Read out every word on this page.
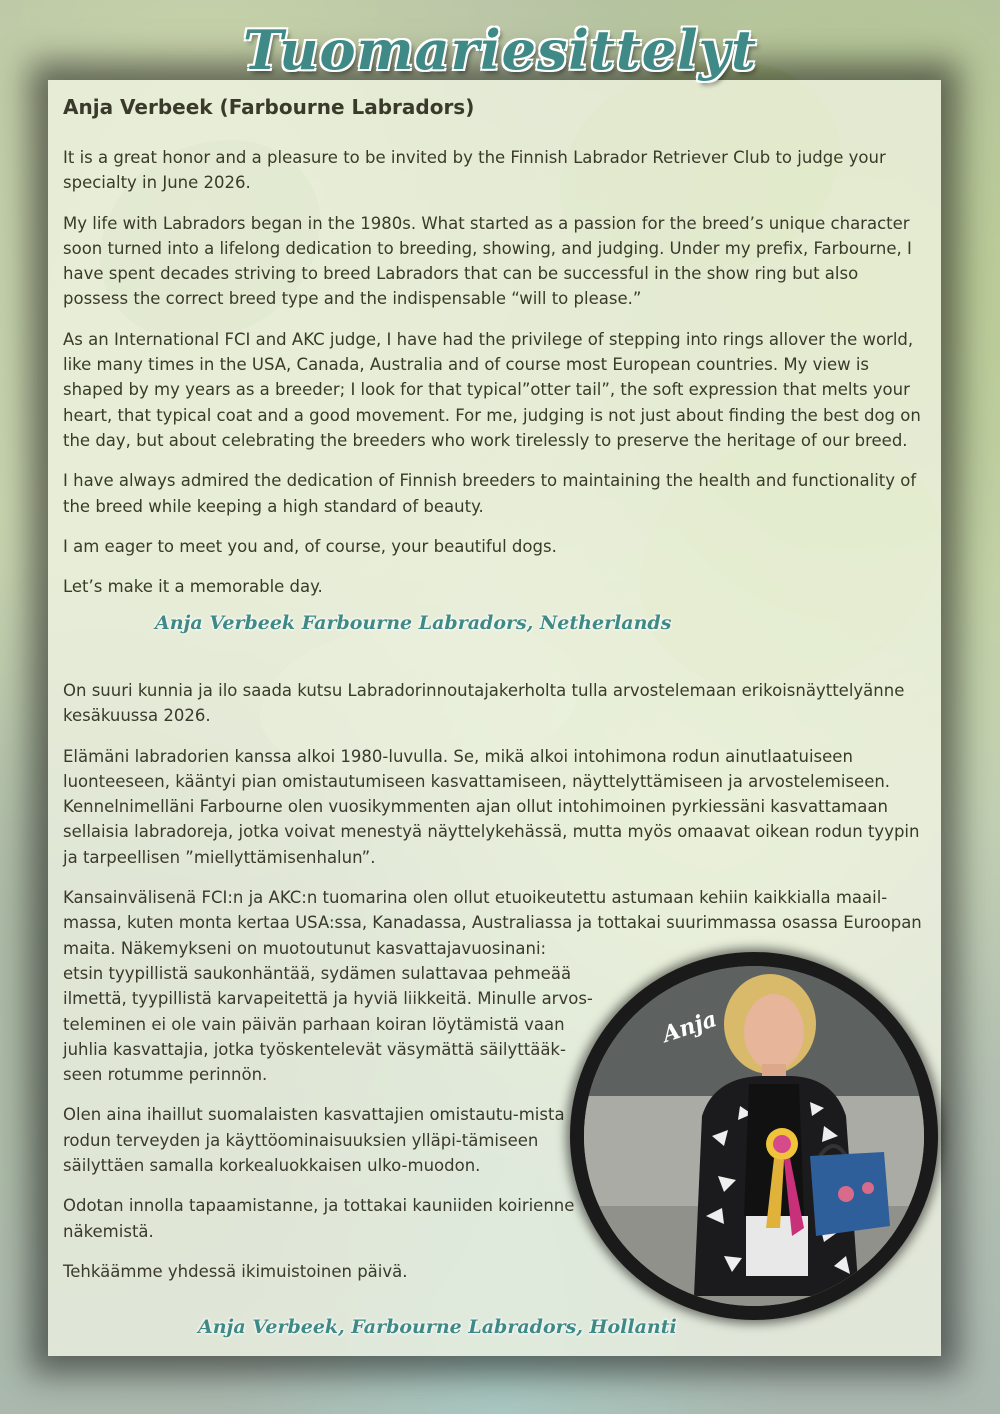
Tuomariesittelyt
Anja Verbeek (Farbourne Labradors)

It is a great honor and a pleasure to be invited by the Finnish Labrador Retriever Club to judge your specialty in June 2026.

My life with Labradors began in the 1980s. What started as a passion for the breed’s unique character soon turned into a lifelong dedication to breeding, showing, and judging. Under my prefix, Farbourne, I have spent decades striving to breed Labradors that can be successful in the show ring but also possess the correct breed type and the indispensable “will to please.”

As an International FCI and AKC judge, I have had the privilege of stepping into rings allover the world, like many times in the USA, Canada, Australia and of course most European countries. My view is shaped by my years as a breeder; I look for that typical”otter tail”, the soft expression that melts your heart, that typical coat and a good movement. For me, judging is not just about finding the best dog on the day, but about celebrating the breeders who work tirelessly to preserve the heritage of our breed.

I have always admired the dedication of Finnish breeders to maintaining the health and functionality of the breed while keeping a high standard of beauty.

I am eager to meet you and, of course, your beautiful dogs.

Let’s make it a memorable day.

Anja Verbeek Farbourne Labradors, Netherlands

On suuri kunnia ja ilo saada kutsu Labradorinnoutajakerholta tulla arvostelemaan erikoisnäyttelyänne kesäkuussa 2026.

Elämäni labradorien kanssa alkoi 1980-luvulla. Se, mikä alkoi intohimona rodun ainutlaatuiseen luonteeseen, kääntyi pian omistautumiseen kasvattamiseen, näyttelyttämiseen ja arvostelemiseen. Kennelnimelläni Farbourne olen vuosikymmenten ajan ollut intohimoinen pyrkiessäni kasvattamaan sellaisia labradoreja, jotka voivat menestyä näyttelykehässä, mutta myös omaavat oikean rodun tyypin ja tarpeellisen ”miellyttämisenhalun”.

Kansainvälisenä FCI:n ja AKC:n tuomarina olen ollut etuoikeutettu astumaan kehiin kaikkialla maail-massa, kuten monta kertaa USA:ssa, Kanadassa, Australiassa ja tottakai suurimmassa osassa Euroopan maita. Näkemykseni on muotoutunut kasvattajavuosinani:

etsin tyypillistä saukonhäntää, sydämen sulattavaa pehmeää ilmettä, tyypillistä karvapeitettä ja hyviä liikkeitä. Minulle arvos-teleminen ei ole vain päivän parhaan koiran löytämistä vaan juhlia kasvattajia, jotka työskentelevät väsymättä säilyttääk-seen rotumme perinnön.

Olen aina ihaillut suomalaisten kasvattajien omistautu-mista rodun terveyden ja käyttöominaisuuksien ylläpi-tämiseen säilyttäen samalla korkealuokkaisen ulko-muodon.

Odotan innolla tapaamistanne, ja tottakai kauniiden koirienne näkemistä.

Tehkäämme yhdessä ikimuistoinen päivä.

Anja Verbeek, Farbourne Labradors, Hollanti

Anja
